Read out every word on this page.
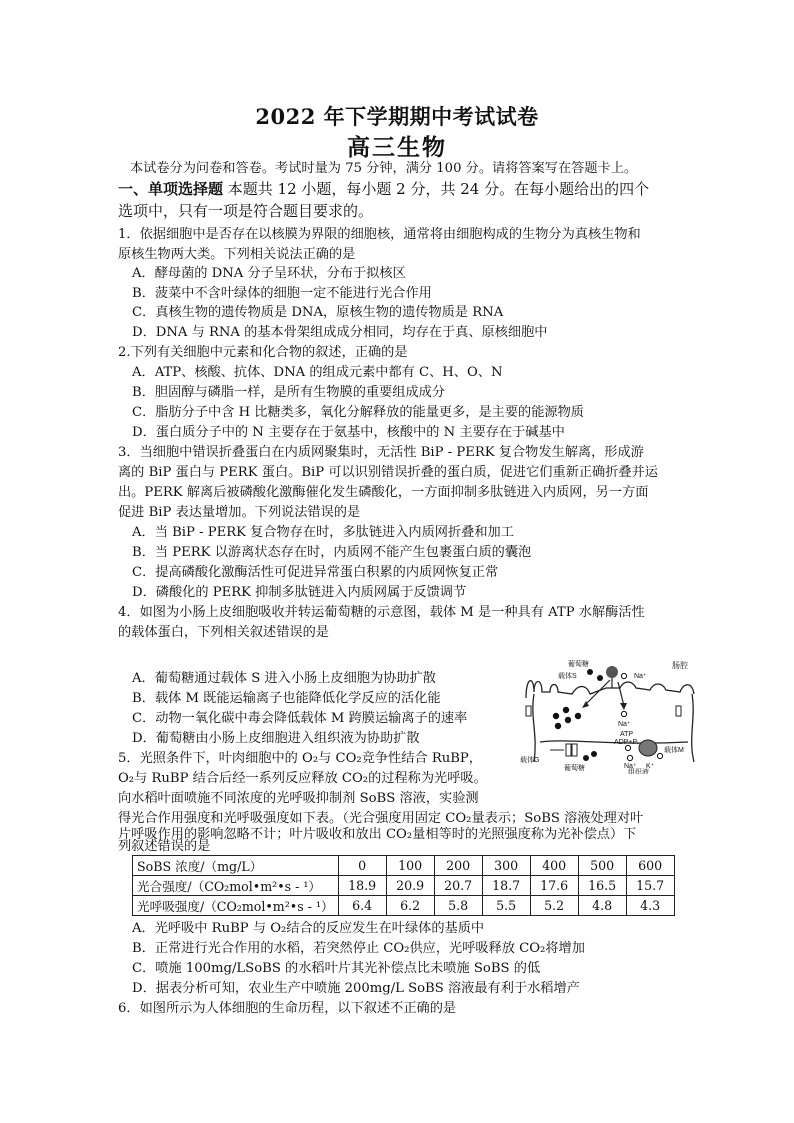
2022 年下学期期中考试试卷
高三生物
本试卷分为问卷和答卷。考试时量为 75 分钟，满分 100 分。请将答案写在答题卡上。
一、单项选择题 本题共 12 小题，每小题 2 分，共 24 分。在每小题给出的四个
选项中，只有一项是符合题目要求的。
1．依据细胞中是否存在以核膜为界限的细胞核，通常将由细胞构成的生物分为真核生物和
原核生物两大类。下列相关说法正确的是
A．酵母菌的 DNA 分子呈环状，分布于拟核区
B．菠菜中不含叶绿体的细胞一定不能进行光合作用
C．真核生物的遗传物质是 DNA，原核生物的遗传物质是 RNA
D．DNA 与 RNA 的基本骨架组成成分相同，均存在于真、原核细胞中
2.下列有关细胞中元素和化合物的叙述，正确的是
A．ATP、核酸、抗体、DNA 的组成元素中都有 C、H、O、N
B．胆固醇与磷脂一样，是所有生物膜的重要组成成分
C．脂肪分子中含 H 比糖类多，氧化分解释放的能量更多，是主要的能源物质
D．蛋白质分子中的 N 主要存在于氨基中，核酸中的 N 主要存在于碱基中
3．当细胞中错误折叠蛋白在内质网聚集时，无活性 BiP - PERK 复合物发生解离，形成游
离的 BiP 蛋白与 PERK 蛋白。BiP 可以识别错误折叠的蛋白质，促进它们重新正确折叠并运
出。PERK 解离后被磷酸化激酶催化发生磷酸化，一方面抑制多肽链进入内质网，另一方面
促进 BiP 表达量增加。下列说法错误的是
A．当 BiP - PERK 复合物存在时，多肽链进入内质网折叠和加工
B．当 PERK 以游离状态存在时，内质网不能产生包裹蛋白质的囊泡
C．提高磷酸化激酶活性可促进异常蛋白积累的内质网恢复正常
D．磷酸化的 PERK 抑制多肽链进入内质网属于反馈调节
4．如图为小肠上皮细胞吸收并转运葡萄糖的示意图，载体 M 是一种具有 ATP 水解酶活性
的载体蛋白，下列相关叙述错误的是
A．葡萄糖通过载体 S 进入小肠上皮细胞为协助扩散
B．载体 M 既能运输离子也能降低化学反应的活化能
C．动物一氧化碳中毒会降低载体 M 跨膜运输离子的速率
D．葡萄糖由小肠上皮细胞进入组织液为协助扩散
肠腔
葡萄糖
载体S	Na⁺
Na⁺
ATP
ADP+Pᵢ
载体G
葡萄糖	Na⁺ K⁺
载体M
组织液
5．光照条件下，叶肉细胞中的 O₂与 CO₂竞争性结合 RuBP，
O₂与 RuBP 结合后经一系列反应释放 CO₂的过程称为光呼吸。
向水稻叶面喷施不同浓度的光呼吸抑制剂 SoBS 溶液，实验测
得光合作用强度和光呼吸强度如下表。（光合强度用固定 CO₂量表示；SoBS 溶液处理对叶
片呼吸作用的影响忽略不计；叶片吸收和放出 CO₂量相等时的光照强度称为光补偿点）下
列叙述错误的是
SoBS 浓度/（mg/L）	0	100	200	300	400	500	600
光合强度/（CO₂mol•m²•s - ¹）	18.9	20.9	20.7	18.7	17.6	16.5	15.7
光呼吸强度/（CO₂mol•m²•s - ¹）	6.4	6.2	5.8	5.5	5.2	4.8	4.3
A．光呼吸中 RuBP 与 O₂结合的反应发生在叶绿体的基质中
B．正常进行光合作用的水稻，若突然停止 CO₂供应，光呼吸释放 CO₂将增加
C．喷施 100mg/LSoBS 的水稻叶片其光补偿点比未喷施 SoBS 的低
D．据表分析可知，农业生产中喷施 200mg/L SoBS 溶液最有利于水稻增产
6．如图所示为人体细胞的生命历程，以下叙述不正确的是
